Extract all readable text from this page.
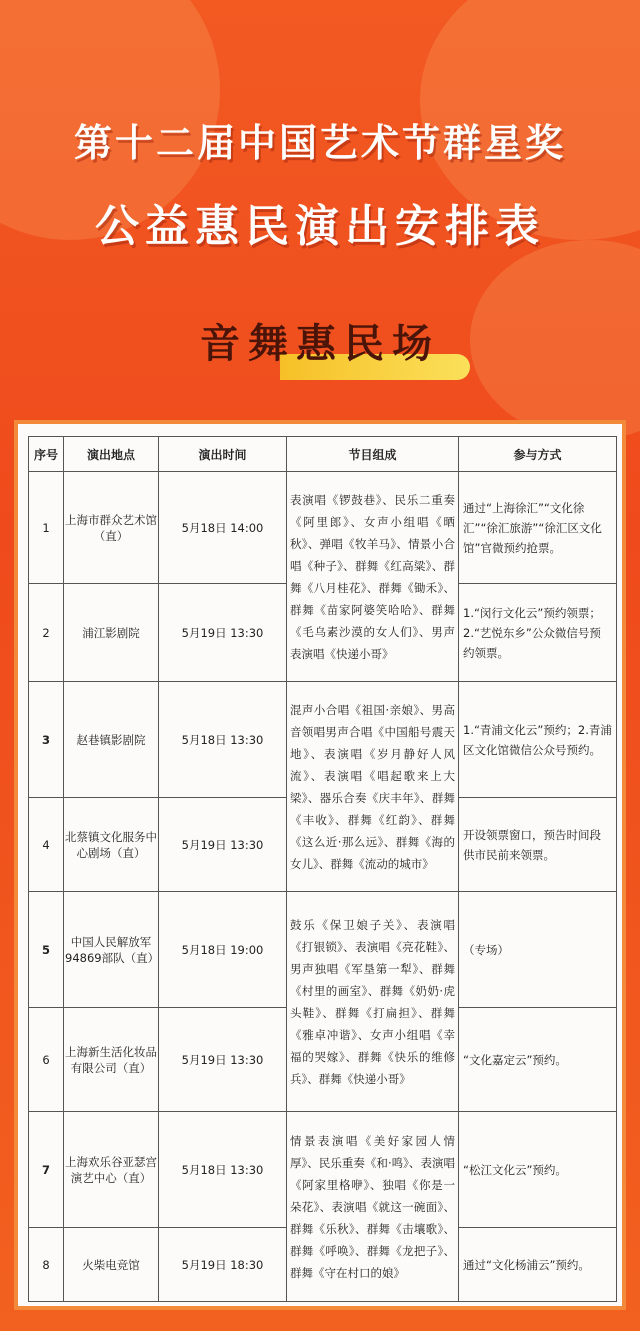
第十二届中国艺术节群星奖
公益惠民演出安排表
音舞惠民场
序号	演出地点	演出时间	节目组成	参与方式
1	上海市群众艺术馆（直）	5月18日 14:00	表演唱《锣鼓巷》、民乐二重奏《阿里郎》、女声小组唱《晒秋》、弹唱《牧羊马》、情景小合唱《种子》、群舞《红高粱》、群舞《八月桂花》、群舞《锄禾》、群舞《苗家阿婆笑哈哈》、群舞《毛乌素沙漠的女人们》、男声表演唱《快递小哥》	通过“上海徐汇”“文化徐汇”“徐汇旅游”“徐汇区文化馆”官微预约抢票。
2	浦江影剧院	5月19日 13:30		1.“闵行文化云”预约领票；2.“艺悦东乡”公众微信号预约领票。
3	赵巷镇影剧院	5月18日 13:30	混声小合唱《祖国·亲娘》、男高音领唱男声合唱《中国船号震天地》、表演唱《岁月静好人风流》、表演唱《唱起歌来上大梁》、器乐合奏《庆丰年》、群舞《丰收》、群舞《红韵》、群舞《这么近·那么远》、群舞《海的女儿》、群舞《流动的城市》	1.“青浦文化云”预约；2.青浦区文化馆微信公众号预约。
4	北蔡镇文化服务中心剧场（直）	5月19日 13:30		开设领票窗口，预告时间段供市民前来领票。
5	中国人民解放军94869部队（直）	5月18日 19:00	鼓乐《保卫娘子关》、表演唱《打银锁》、表演唱《亮花鞋》、男声独唱《军垦第一犁》、群舞《村里的画室》、群舞《奶奶·虎头鞋》、群舞《打扁担》、群舞《雅卓冲谐》、女声小组唱《幸福的哭嫁》、群舞《快乐的维修兵》、群舞《快递小哥》	（专场）
6	上海新生活化妆品有限公司（直）	5月19日 13:30		“文化嘉定云”预约。
7	上海欢乐谷亚瑟宫演艺中心（直）	5月18日 13:30	情景表演唱《美好家园人情厚》、民乐重奏《和·鸣》、表演唱《阿家里格咿》、独唱《你是一朵花》、表演唱《就这一碗面》、群舞《乐秋》、群舞《击壤歌》、群舞《呼唤》、群舞《龙把子》、群舞《守在村口的娘》	“松江文化云”预约。
8	火柴电竞馆	5月19日 18:30		通过“文化杨浦云”预约。
